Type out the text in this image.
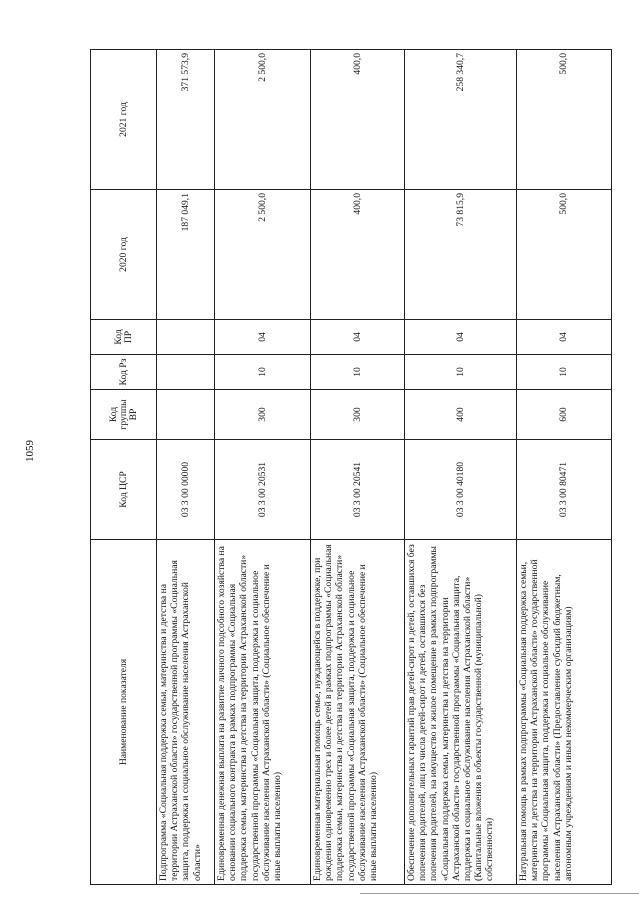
1059
Наименование показателя	Код ЦСР	Код группы ВР	Код Рз	Код ПР	2020 год	2021 год
Подпрограмма «Социальная поддержка семьи, материнства и детства на территории Астраханской области» государственной программы «Социальная защита, поддержка и социальное обслуживание населения Астраханской области»	03 3 00 00000				187 049,1	371 573,9
Единовременная денежная выплата на развитие личного подсобного хозяйства на основании социального контракта в рамках подпрограммы «Социальная поддержка семьи, материнства и детства на территории Астраханской области» государственной программы «Социальная защита, поддержка и социальное обслуживание населения Астраханской области» (Социальное обеспечение и иные выплаты населению)	03 3 00 20531	300	10	04	2 500,0	2 500,0
Единовременная материальная помощь семье, нуждающейся в поддержке, при рождении одновременно трех и более детей в рамках подпрограммы «Социальная поддержка семьи, материнства и детства на территории Астраханской области» государственной программы «Социальная защита, поддержка и социальное обслуживание населения Астраханской области» (Социальное обеспечение и иные выплаты населению)	03 3 00 20541	300	10	04	400,0	400,0
Обеспечение дополнительных гарантий прав детей-сирот и детей, оставшихся без попечения родителей, лиц из числа детей-сирот и детей, оставшихся без попечения родителей, на имущество и жилое помещение в рамках подпрограммы «Социальная поддержка семьи, материнства и детства на территории Астраханской области» государственной программы «Социальная защита, поддержка и социальное обслуживание населения Астраханской области» (Капитальные вложения в объекты государственной (муниципальной) собственности)	03 3 00 40180	400	10	04	73 815,9	258 340,7
Натуральная помощь в рамках подпрограммы «Социальная поддержка семьи, материнства и детства на территории Астраханской области» государственной программы «Социальная защита, поддержка и социальное обслуживание населения Астраханской области» (Предоставление субсидий бюджетным, автономным учреждениям и иным некоммерческим организациям)	03 3 00 80471	600	10	04	500,0	500,0
